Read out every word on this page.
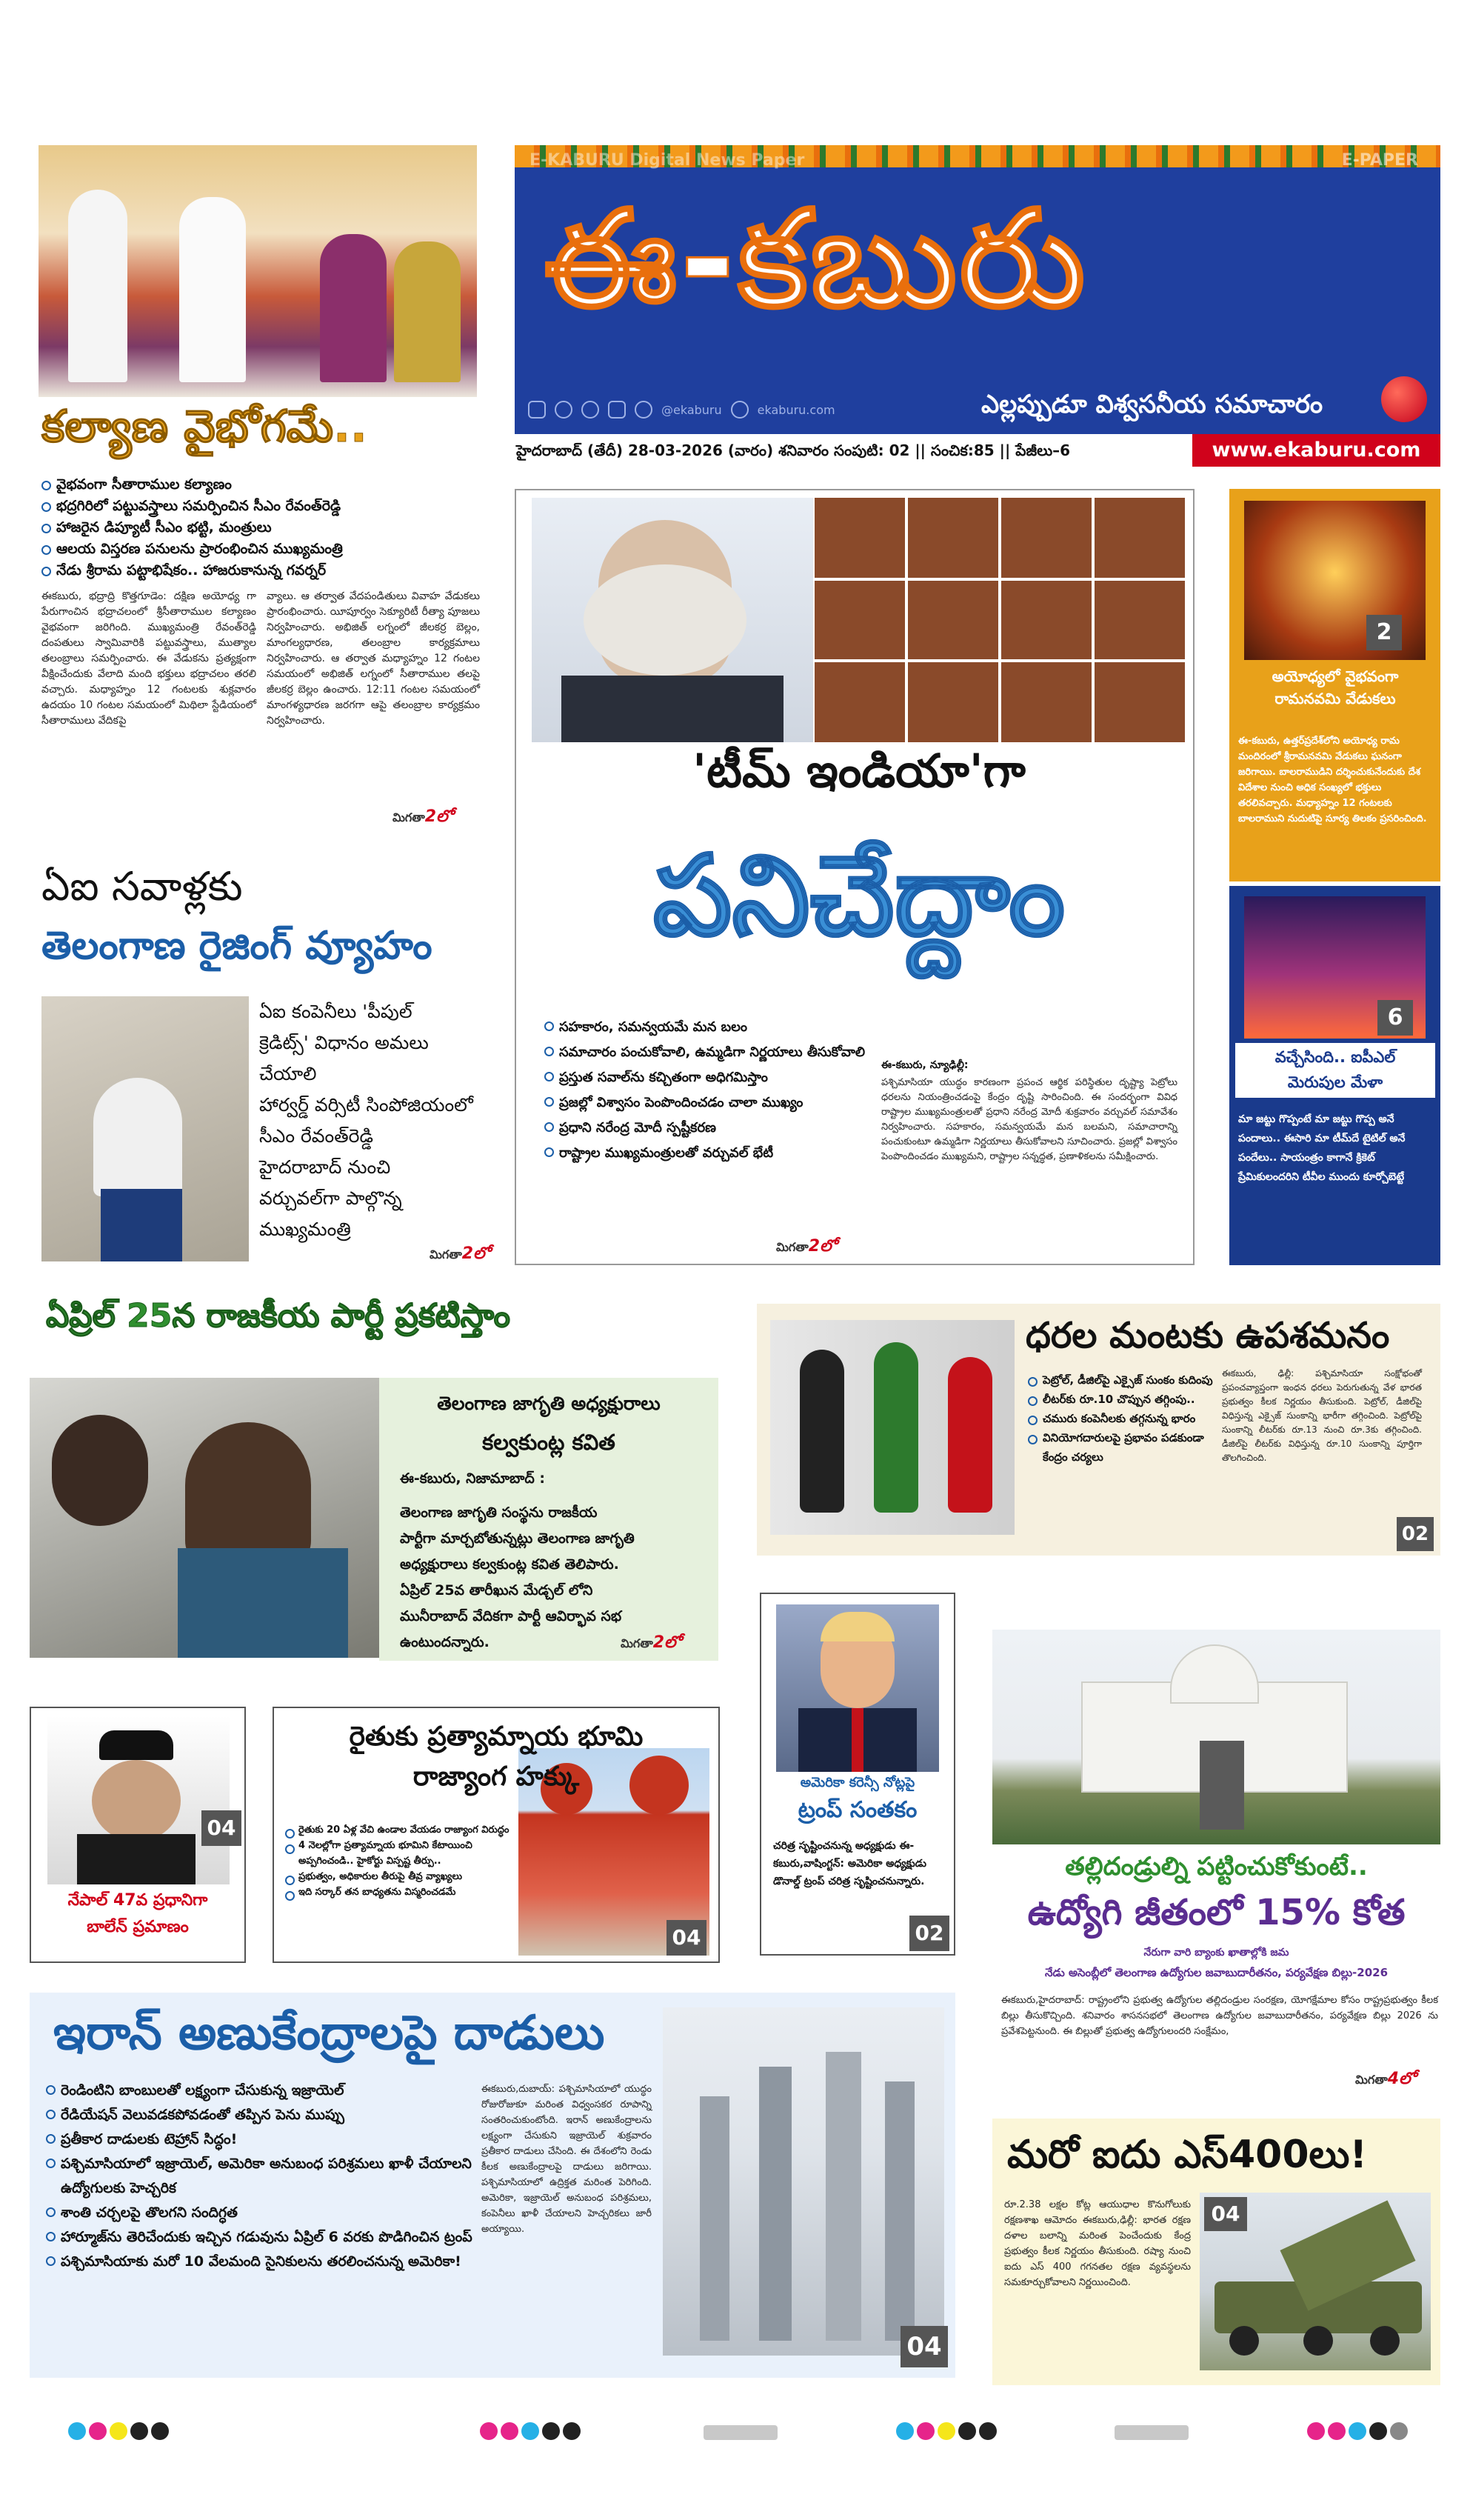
కల్యాణ వైభోగమే..
వైభవంగా సీతారాముల కల్యాణం
భద్రగిరిలో పట్టువస్త్రాలు సమర్పించిన సీఎం రేవంత్‌రెడ్డి
హాజరైన డిప్యూటీ సీఎం భట్టి, మంత్రులు
ఆలయ విస్తరణ పనులను ప్రారంభించిన ముఖ్యమంత్రి
నేడు శ్రీరామ పట్టాభిషేకం.. హాజరుకానున్న గవర్నర్
ఈకబురు, భద్రాద్రి కొత్తగూడెం: దక్షిణ అయోధ్య గా పేరుగాంచిన భద్రాచలంలో శ్రీసీతారాముల కల్యాణం వైభవంగా జరిగింది. ముఖ్యమంత్రి రేవంత్‌రెడ్డి దంపతులు స్వామివారికి పట్టువస్త్రాలు, ముత్యాల తలంబ్రాలు సమర్పించారు. ఈ వేడుకను ప్రత్యక్షంగా వీక్షించేందుకు వేలాది మంది భక్తులు భద్రాచలం తరలి వచ్చారు. మధ్యాహ్నం 12 గంటలకు శుక్లవారం ఉదయం 10 గంటల సమయంలో మిథిలా స్టేడియంలో సీతారాములు వేదికపై
వ్యాలు. ఆ తర్వాత వేదపండితులు వివాహ వేడుకలు ప్రారంభించారు. యీపూర్వం సెక్యూరిటీ రీత్యా పూజలు నిర్వహించారు. అభిజిత్ లగ్నంలో జీలకర్ర బెల్లం, మాంగల్యధారణ, తలంబ్రాల కార్యక్రమాలు నిర్వహించారు. ఆ తర్వాత మధ్యాహ్నం 12 గంటల సమయంలో అభిజిత్ లగ్నంలో సీతారాముల తలపై జీలకర్ర బెల్లం ఉంచారు. 12:11 గంటల సమయంలో మాంగళ్యధారణ జరగగా ఆపై తలంబ్రాల కార్యక్రమం నిర్వహించారు.
మిగతా2లో
ఏఐ సవాళ్లకు
తెలంగాణ రైజింగ్ వ్యూహం
ఏఐ కంపెనీలు 'పీపుల్
క్రెడిట్స్' విధానం అమలు
చేయాలి
హార్వర్డ్ వర్సిటీ సింపోజియంలో
సీఎం రేవంత్‌రెడ్డి
హైదరాబాద్ నుంచి
వర్చువల్‌గా పాల్గొన్న
ముఖ్యమంత్రి
మిగతా2లో
E-KABURU Digital News Paper	E-PAPER
ఈ-కబురు
@ekaburu	ekaburu.com	ఎల్లప్పుడూ విశ్వసనీయ సమాచారం
హైదరాబాద్ (తేదీ) 28-03-2026 (వారం) శనివారం సంపుటి: 02 || సంచిక:85 || పేజీలు–6	www.ekaburu.com
'టీమ్ ఇండియా'గా
పనిచేద్దాం
సహకారం, సమన్వయమే మన బలం
సమాచారం పంచుకోవాలి, ఉమ్మడిగా నిర్ణయాలు తీసుకోవాలి
ప్రస్తుత సవాల్‌ను కచ్చితంగా అధిగమిస్తాం
ప్రజల్లో విశ్వాసం పెంపొందించడం చాలా ముఖ్యం
ప్రధాని నరేంద్ర మోదీ స్పష్టీకరణ
రాష్ట్రాల ముఖ్యమంత్రులతో వర్చువల్ భేటీ
ఈ-కబురు, న్యూఢిల్లీ:
పశ్చిమాసియా యుద్ధం కారణంగా ప్రపంచ ఆర్థిక పరిస్థితుల దృష్ట్యా పెట్రోలు ధరలను నియంత్రించడంపై కేంద్రం దృష్టి సారించింది. ఈ సందర్భంగా వివిధ రాష్ట్రాల ముఖ్యమంత్రులతో ప్రధాని నరేంద్ర మోదీ శుక్రవారం వర్చువల్ సమావేశం నిర్వహించారు. సహకారం, సమన్వయమే మన బలమని, సమాచారాన్ని పంచుకుంటూ ఉమ్మడిగా నిర్ణయాలు తీసుకోవాలని సూచించారు. ప్రజల్లో విశ్వాసం పెంపొందించడం ముఖ్యమని, రాష్ట్రాల సన్నద్ధత, ప్రణాళికలను సమీక్షించారు.
మిగతా2లో
2
అయోధ్యలో వైభవంగా
రామనవమి వేడుకలు
ఈ-కబురు, ఉత్తర్‌ప్రదేశ్‌లోని అయోధ్య రామ మందిరంలో శ్రీరామనవమి వేడుకలు ఘనంగా జరిగాయి. బాలరాముడిని దర్శించుకునేందుకు దేశ విదేశాల నుంచి అధిక సంఖ్యలో భక్తులు తరలివచ్చారు. మధ్యాహ్నం 12 గంటలకు బాలరాముని నుదుటిపై సూర్య తిలకం ప్రసరించింది.
6
వచ్చేసింది.. ఐపీఎల్
మెరుపుల మేళా
మా జట్టు గొప్పంటే మా జట్టు గొప్ప అనే పందాలు.. ఈసారి మా టీమ్‌దే టైటిల్ అనే పందేలు.. సాయంత్రం కాగానే క్రికెట్ ప్రేమికులందరిని టీవీల ముందు కూర్చోబెట్టే
ఏప్రిల్ 25న రాజకీయ పార్టీ ప్రకటిస్తాం
తెలంగాణ జాగృతి అధ్యక్షురాలు
కల్వకుంట్ల కవిత
ఈ-కబురు, నిజామాబాద్ :
తెలంగాణ జాగృతి సంస్థను రాజకీయ
పార్టీగా మార్చబోతున్నట్లు తెలంగాణ జాగృతి
అధ్యక్షురాలు కల్వకుంట్ల కవిత తెలిపారు.
ఏప్రిల్ 25వ తారీఖున మేడ్చల్ లోని
మునీరాబాద్ వేదికగా పార్టీ ఆవిర్భావ సభ
ఉంటుందన్నారు.	మిగతా2లో
ధరల మంటకు ఉపశమనం
పెట్రోల్, డీజిల్‌పై ఎక్సైజ్ సుంకం కుదింపు
లీటర్‌కు రూ.10 చొప్పున తగ్గింపు..
చమురు కంపెనీలకు తగ్గనున్న భారం
వినియోగదారులపై ప్రభావం పడకుండా కేంద్రం చర్యలు
ఈకబురు, ఢిల్లీ: పశ్చిమాసియా సంక్షోభంతో ప్రపంచవ్యాప్తంగా ఇంధన ధరలు పెరుగుతున్న వేళ భారత ప్రభుత్వం కీలక నిర్ణయం తీసుకుంది. పెట్రోల్, డీజిల్‌పై విధిస్తున్న ఎక్సైజ్ సుంకాన్ని భారీగా తగ్గించింది. పెట్రోల్‌పై సుంకాన్ని లీటర్‌కు రూ.13 నుంచి రూ.3కు తగ్గించింది. డీజిల్‌పై లీటర్‌కు విధిస్తున్న రూ.10 సుంకాన్ని పూర్తిగా తొలగించింది.
02
04
నేపాల్ 47వ ప్రధానిగా
బాలేన్ ప్రమాణం
రైతుకు ప్రత్యామ్నాయ భూమి
రాజ్యాంగ హక్కు
రైతుకు 20 ఏళ్ల వేచి ఉండాల వేయడం రాజ్యాంగ విరుద్ధం
4 నెలల్లోగా ప్రత్యామ్నాయ భూమిని కేటాయించి అప్పగించండి.. హైకోర్టు విస్పష్ట తీర్పు..
ప్రభుత్వం, అధికారుల తీరుపై తీవ్ర వ్యాఖ్యలు
ఇది సర్కార్ తన బాధ్యతను విస్మరించడమే
04
అమెరికా కరెన్సీ నోట్లపై
ట్రంప్ సంతకం
చరిత్ర సృష్టించనున్న అధ్యక్షుడు ఈ-కబురు,వాషింగ్టన్: అమెరికా అధ్యక్షుడు డొనాల్డ్ ట్రంప్ చరిత్ర సృష్టించనున్నారు.
02
తల్లిదండ్రుల్ని పట్టించుకోకుంటే..
ఉద్యోగి జీతంలో 15% కోత
నేరుగా వారి బ్యాంకు ఖాతాల్లోకి జమ
నేడు అసెంబ్లీలో తెలంగాణ ఉద్యోగుల జవాబుదారీతనం, పర్యవేక్షణ బిల్లు-2026
ఈకబురు,హైదరాబాద్: రాష్ట్రంలోని ప్రభుత్వ ఉద్యోగుల తల్లిదండ్రుల సంరక్షణ, యోగక్షేమాల కోసం రాష్ట్రప్రభుత్వం కీలక బిల్లు తీసుకొచ్చింది. శనివారం శాసనసభలో తెలంగాణ ఉద్యోగుల జవాబుదారీతనం, పర్యవేక్షణ బిల్లు 2026 ను ప్రవేశపెట్టనుంది. ఈ బిల్లుతో ప్రభుత్వ ఉద్యోగులందరి సంక్షేమం,
మిగతా4లో
ఇరాన్ అణుకేంద్రాలపై దాడులు
రెండింటిని బాంబులతో లక్ష్యంగా చేసుకున్న ఇజ్రాయెల్
రేడియేషన్ వెలువడకపోవడంతో తప్పిన పెను ముప్పు
ప్రతీకార దాడులకు టెహ్రాన్ సిద్ధం!
పశ్చిమాసియాలో ఇజ్రాయెల్, అమెరికా అనుబంధ పరిశ్రమలు ఖాళీ చేయాలని ఉద్యోగులకు హెచ్చరిక
శాంతి చర్చలపై తొలగని సందిగ్ధత
హార్మూజ్‌ను తెరిచేందుకు ఇచ్చిన గడువును ఏప్రిల్ 6 వరకు పొడిగించిన ట్రంప్
పశ్చిమాసియాకు మరో 10 వేలమంది సైనికులను తరలించనున్న అమెరికా!
ఈకబురు,దుబాయ్: పశ్చిమాసియాలో యుద్ధం రోజురోజుకూ మరింత విధ్వంసకర రూపాన్ని సంతరించుకుంటోంది. ఇరాన్ అణుకేంద్రాలను లక్ష్యంగా చేసుకుని ఇజ్రాయెల్ శుక్రవారం ప్రతీకార దాడులు చేసింది. ఈ దేశంలోని రెండు కీలక అణుకేంద్రాలపై దాడులు జరిగాయి. పశ్చిమాసియాలో ఉద్రిక్తత మరింత పెరిగింది. అమెరికా, ఇజ్రాయెల్ అనుబంధ పరిశ్రమలు, కంపెనీలు ఖాళీ చేయాలని హెచ్చరికలు జారీ అయ్యాయి.
04
మరో ఐదు ఎస్‌400లు!
రూ.2.38 లక్షల కోట్ల ఆయుధాల కొనుగోలుకు రక్షణశాఖ ఆమోదం ఈకబురు,ఢిల్లీ: భారత రక్షణ దళాల బలాన్ని మరింత పెంచేందుకు కేంద్ర ప్రభుత్వం కీలక నిర్ణయం తీసుకుంది. రష్యా నుంచి ఐదు ఎస్ 400 గగనతల రక్షణ వ్యవస్థలను సమకూర్చుకోవాలని నిర్ణయించింది.
04
